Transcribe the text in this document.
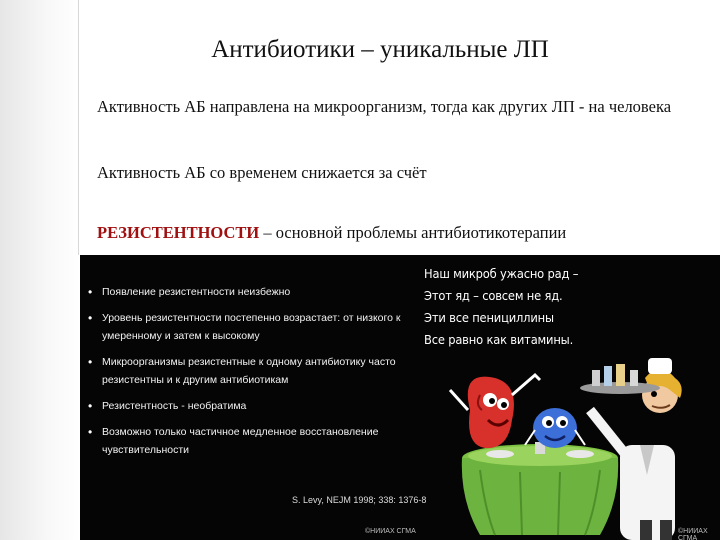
Антибиотики – уникальные ЛП
Активность АБ направлена на микроорганизм, тогда как других ЛП - на человека
Активность АБ со временем снижается за счёт
РЕЗИСТЕНТНОСТИ – основной проблемы антибиотикотерапии
• Появление резистентности неизбежно
• Уровень резистентности постепенно возрастает: от низкого к умеренному и затем к высокому
• Микроорганизмы резистентные к одному антибиотику часто резистентны и к другим антибиотикам
• Резистентность - необратима
• Возможно только частичное медленное восстановление чувствительности
S. Levy, NEJM 1998; 338: 1376-8
©НИИАХ СГМА	©НИИАХ СГМА
Наш микроб ужасно рад –
Этот яд – совсем не яд.
Эти все пенициллины
Все равно как витамины.
